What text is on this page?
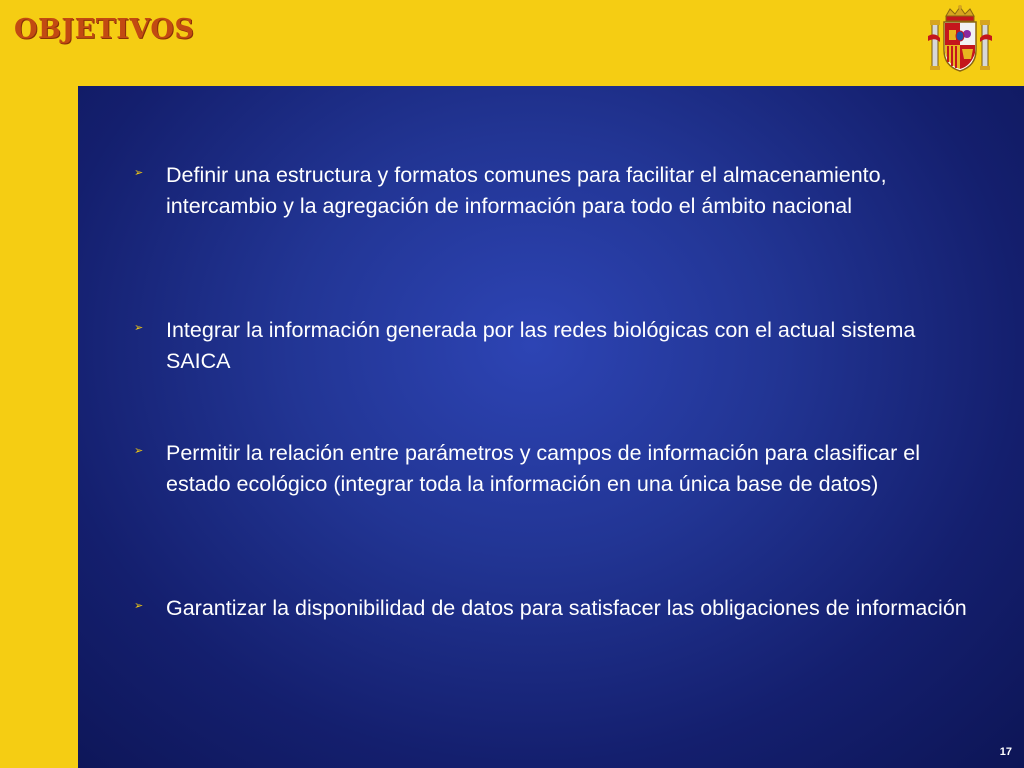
OBJETIVOS
➢ Definir una estructura y formatos comunes para facilitar el almacenamiento, intercambio y la agregación de información para todo el ámbito nacional
➢ Integrar la información generada por las redes biológicas con el actual sistema SAICA
➢ Permitir la relación entre parámetros y campos de información para clasificar el estado ecológico (integrar toda la información en una única base de datos)
➢ Garantizar la disponibilidad de datos para satisfacer las obligaciones de información
17
